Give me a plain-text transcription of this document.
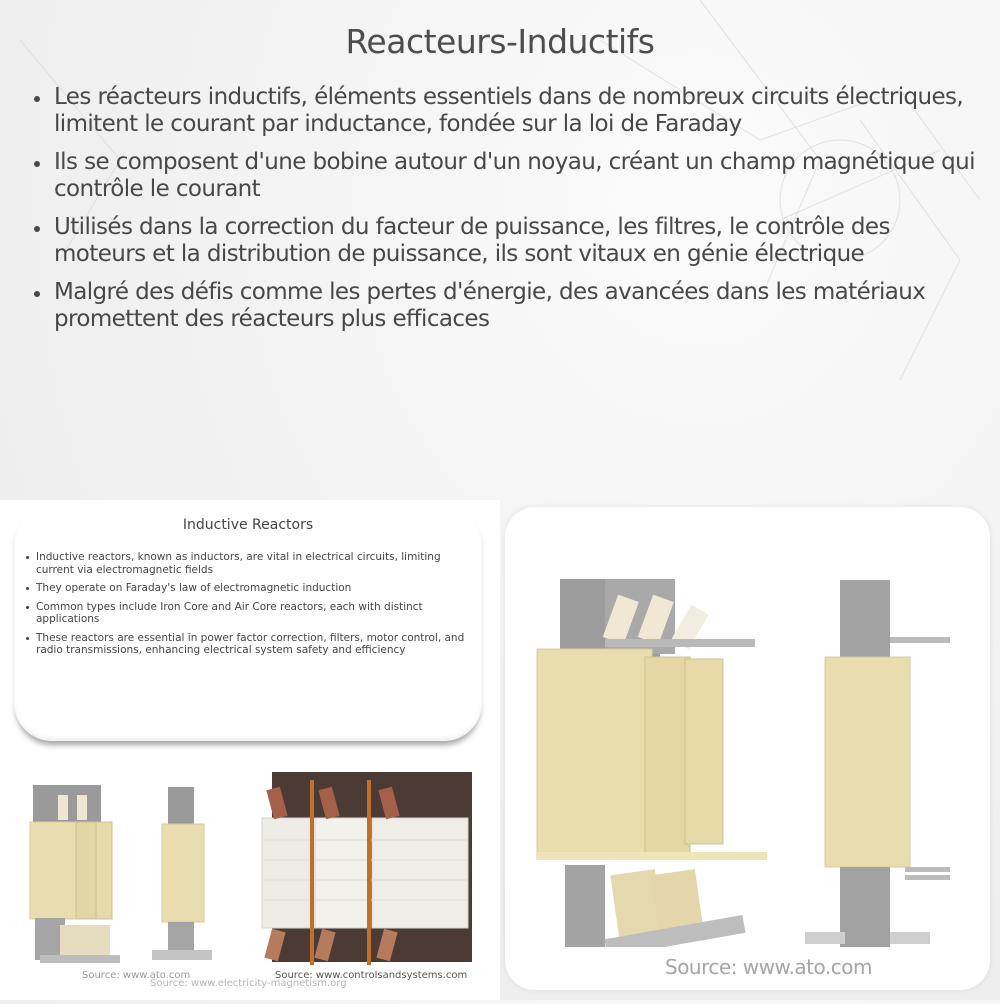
Reacteurs-Inductifs
Les réacteurs inductifs, éléments essentiels dans de nombreux circuits électriques, limitent le courant par inductance, fondée sur la loi de Faraday
Ils se composent d'une bobine autour d'un noyau, créant un champ magnétique qui contrôle le courant
Utilisés dans la correction du facteur de puissance, les filtres, le contrôle des moteurs et la distribution de puissance, ils sont vitaux en génie électrique
Malgré des défis comme les pertes d'énergie, des avancées dans les matériaux promettent des réacteurs plus efficaces
Inductive Reactors
Inductive reactors, known as inductors, are vital in electrical circuits, limiting current via electromagnetic fields
They operate on Faraday's law of electromagnetic induction
Common types include Iron Core and Air Core reactors, each with distinct applications
These reactors are essential in power factor correction, filters, motor control, and radio transmissions, enhancing electrical system safety and efficiency
Source: www.ato.com
Source: www.electricity-magnetism.org
Source: www.controlsandsystems.com	Source: www.ato.com
